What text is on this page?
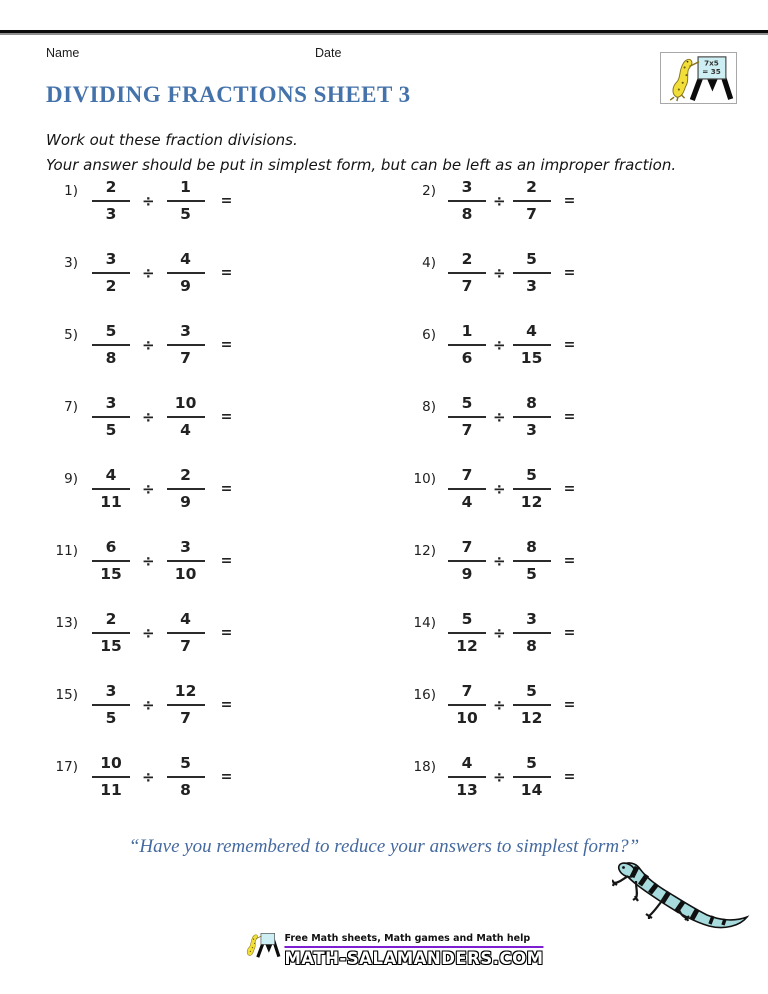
Name	Date
7x5
= 35
DIVIDING FRACTIONS SHEET 3

Work out these fraction divisions.

Your answer should be put in simplest form, but can be left as an improper fraction.

$1) \frac{2}{3} \div \frac{1}{5}$ =
$2) \frac{3}{8} \div \frac{2}{7}$ =
$3) \frac{3}{2} \div \frac{4}{9}$ =
$4) \frac{2}{7} \div \frac{5}{3}$ =
$5) \frac{5}{8} \div \frac{3}{7}$ =
$6) \frac{1}{6} \div \frac{4}{15}$ =
$7) \frac{3}{5} \div \frac{10}{4}$ =
$8) \frac{5}{7} \div \frac{8}{3}$ =
$9) \frac{4}{11} \div \frac{2}{9}$ =
$10) \frac{7}{4} \div \frac{5}{12}$ =
$11) \frac{6}{15} \div \frac{3}{10}$ =
$12) \frac{7}{9} \div \frac{8}{5}$ =
$13) \frac{2}{15} \div \frac{4}{7}$ =
$14) \frac{5}{12} \div \frac{3}{8}$ =
$15) \frac{3}{5} \div \frac{12}{7}$ =
$16) \frac{7}{10} \div \frac{5}{12}$ =
$17) \frac{10}{11} \div \frac{5}{8}$ =
$18) \frac{4}{13} \div \frac{5}{14}$ =
“Have you remembered to reduce your answers to simplest form?”
Free Math sheets, Math games and Math help
MATH-SALAMANDERS.COM
